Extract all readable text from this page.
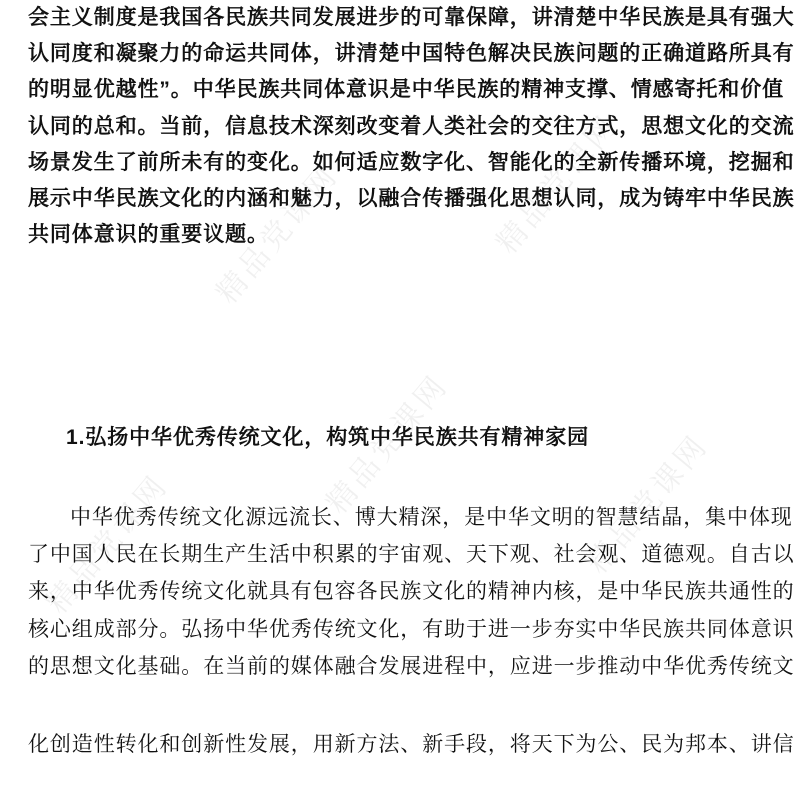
精品党课网	精品党课网
精品党课网
精品党课网	精品党课网
会主义制度是我国各民族共同发展进步的可靠保障，讲清楚中华民族是具有强大
认同度和凝聚力的命运共同体，讲清楚中国特色解决民族问题的正确道路所具有
的明显优越性”。中华民族共同体意识是中华民族的精神支撑、情感寄托和价值
认同的总和。当前，信息技术深刻改变着人类社会的交往方式，思想文化的交流
场景发生了前所未有的变化。如何适应数字化、智能化的全新传播环境，挖掘和
展示中华民族文化的内涵和魅力，以融合传播强化思想认同，成为铸牢中华民族
共同体意识的重要议题。
1.弘扬中华优秀传统文化，构筑中华民族共有精神家园
中华优秀传统文化源远流长、博大精深，是中华文明的智慧结晶，集中体现
了中国人民在长期生产生活中积累的宇宙观、天下观、社会观、道德观。自古以
来，中华优秀传统文化就具有包容各民族文化的精神内核，是中华民族共通性的
核心组成部分。弘扬中华优秀传统文化，有助于进一步夯实中华民族共同体意识
的思想文化基础。在当前的媒体融合发展进程中，应进一步推动中华优秀传统文
化创造性转化和创新性发展，用新方法、新手段，将天下为公、民为邦本、讲信
